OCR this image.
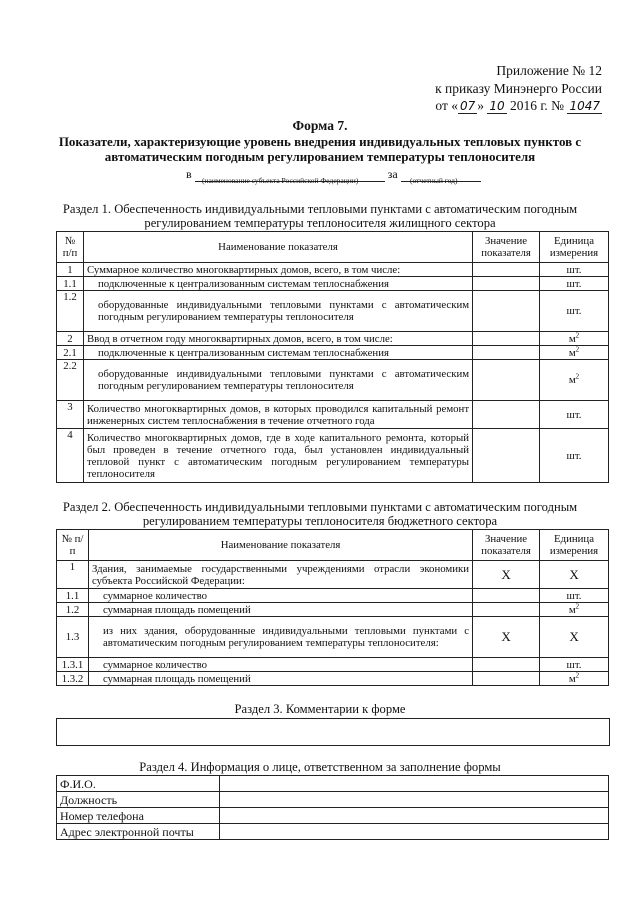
Приложение № 12
к приказу Минэнерго России
от « 07 » 10 2016 г. № 1047
Форма 7.
Показатели, характеризующие уровень внедрения индивидуальных тепловых пунктов с
автоматическим погодным регулированием температуры теплоносителя
в	за
(наименование субъекта Российской Федерации)	(отчетный год)
Раздел 1. Обеспеченность индивидуальными тепловыми пунктами с автоматическим погодным
регулированием температуры теплоносителя жилищного сектора
№ п/п	Наименование показателя	Значение показателя	Единица измерения
1	Суммарное количество многоквартирных домов, всего, в том числе:		шт.
1.1	подключенные к централизованным системам теплоснабжения		шт.
1.2	оборудованные индивидуальными тепловыми пунктами с автоматическим погодным регулированием температуры теплоносителя		шт.
2	Ввод в отчетном году многоквартирных домов, всего, в том числе:		$м^2$
2.1	подключенные к централизованным системам теплоснабжения		$м^2$
2.2	оборудованные индивидуальными тепловыми пунктами с автоматическим погодным регулированием температуры теплоносителя		$м^2$
3	Количество многоквартирных домов, в которых проводился капитальный ремонт инженерных систем теплоснабжения в течение отчетного года		шт.
4	Количество многоквартирных домов, где в ходе капитального ремонта, который был проведен в течение отчетного года, был установлен индивидуальный тепловой пункт с автоматическим погодным регулированием температуры теплоносителя		шт.
Раздел 2. Обеспеченность индивидуальными тепловыми пунктами с автоматическим погодным
регулированием температуры теплоносителя бюджетного сектора
№ п/п	Наименование показателя	Значение показателя	Единица измерения
1	Здания, занимаемые государственными учреждениями отрасли экономики субъекта Российской Федерации:	X	X
1.1	суммарное количество		шт.
1.2	суммарная площадь помещений		$м^2$
1.3	из них здания, оборудованные индивидуальными тепловыми пунктами с автоматическим погодным регулированием температуры теплоносителя:	X	X
1.3.1	суммарное количество		шт.
1.3.2	суммарная площадь помещений		$м^2$
Раздел 3. Комментарии к форме
Раздел 4. Информация о лице, ответственном за заполнение формы
Ф.И.О.	
Должность	
Номер телефона	
Адрес электронной почты	
